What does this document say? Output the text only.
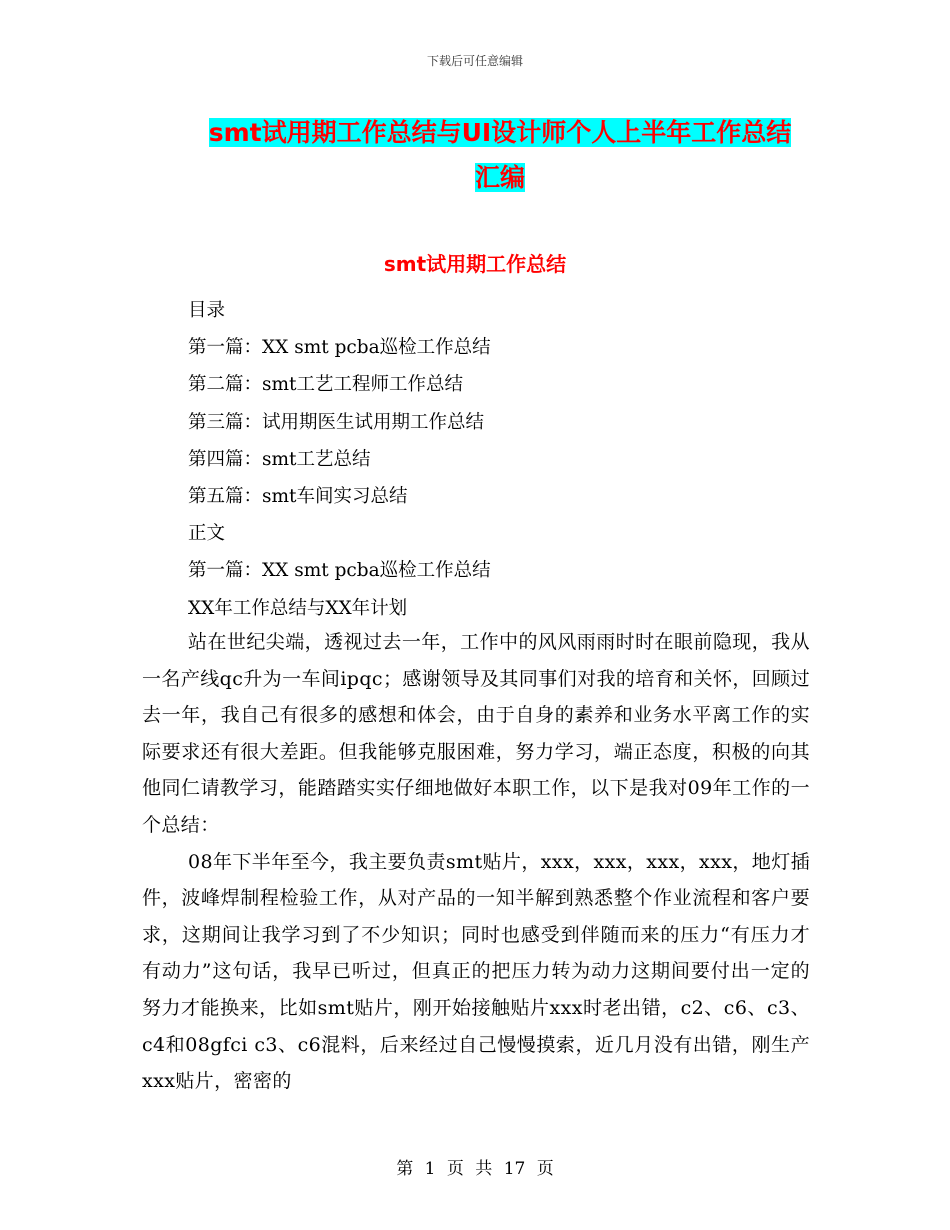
下载后可任意编辑
smt试用期工作总结与UI设计师个人上半年工作总结
汇编
smt试用期工作总结
目录
第一篇：XX smt pcba巡检工作总结
第二篇：smt工艺工程师工作总结
第三篇：试用期医生试用期工作总结
第四篇：smt工艺总结
第五篇：smt车间实习总结
正文
第一篇：XX smt pcba巡检工作总结
XX年工作总结与XX年计划

站在世纪尖端，透视过去一年，工作中的风风雨雨时时在眼前隐现，我从一名产线qc升为一车间ipqc；感谢领导及其同事们对我的培育和关怀，回顾过去一年，我自己有很多的感想和体会，由于自身的素养和业务水平离工作的实际要求还有很大差距。但我能够克服困难，努力学习，端正态度，积极的向其他同仁请教学习，能踏踏实实仔细地做好本职工作，以下是我对09年工作的一个总结：

08年下半年至今，我主要负责smt贴片，xxx，xxx，xxx，xxx，地灯插件，波峰焊制程检验工作，从对产品的一知半解到熟悉整个作业流程和客户要求，这期间让我学习到了不少知识；同时也感受到伴随而来的压力“有压力才有动力”这句话，我早已听过，但真正的把压力转为动力这期间要付出一定的努力才能换来，比如smt贴片，刚开始接触贴片xxx时老出错，c2、c6、c3、c4和08gfci c3、c6混料，后来经过自己慢慢摸索，近几月没有出错，刚生产xxx贴片，密密的

第 1 页 共 17 页
